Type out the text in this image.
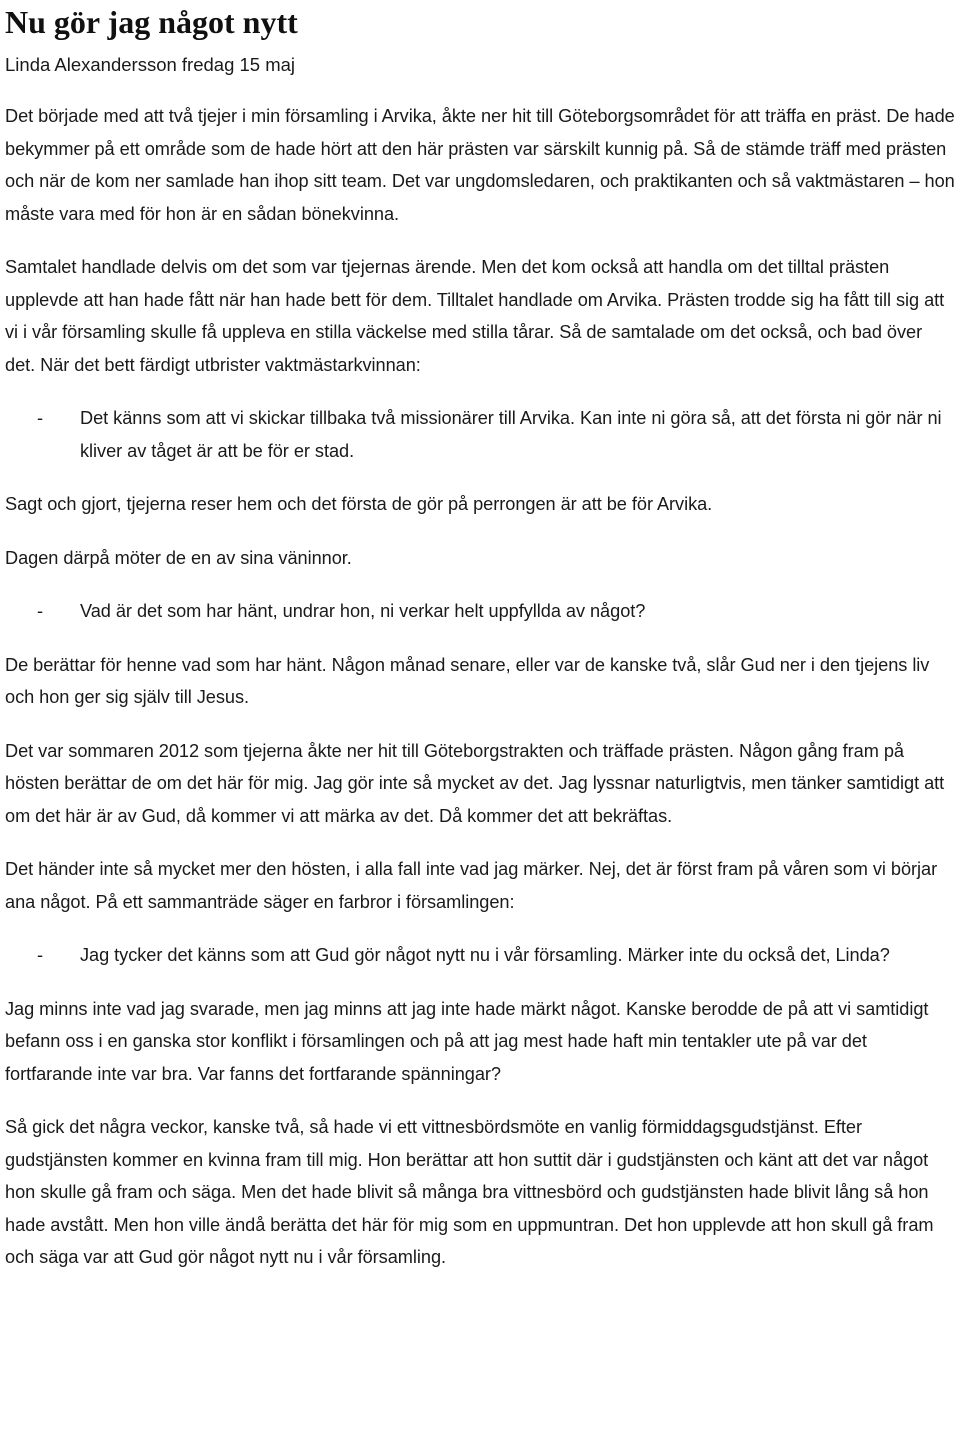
Nu gör jag något nytt

Linda Alexandersson fredag 15 maj

Det började med att två tjejer i min församling i Arvika, åkte ner hit till Göteborgsområdet för att träffa en präst. De hade bekymmer på ett område som de hade hört att den här prästen var särskilt kunnig på. Så de stämde träff med prästen och när de kom ner samlade han ihop sitt team. Det var ungdomsledaren, och praktikanten och så vaktmästaren – hon måste vara med för hon är en sådan bönekvinna.

Samtalet handlade delvis om det som var tjejernas ärende. Men det kom också att handla om det tilltal prästen upplevde att han hade fått när han hade bett för dem. Tilltalet handlade om Arvika. Prästen trodde sig ha fått till sig att vi i vår församling skulle få uppleva en stilla väckelse med stilla tårar. Så de samtalade om det också, och bad över det. När det bett färdigt utbrister vaktmästarkvinnan:

-	Det känns som att vi skickar tillbaka två missionärer till Arvika. Kan inte ni göra så, att det första ni gör när ni kliver av tåget är att be för er stad.

Sagt och gjort, tjejerna reser hem och det första de gör på perrongen är att be för Arvika.

Dagen därpå möter de en av sina väninnor.

-	Vad är det som har hänt, undrar hon, ni verkar helt uppfyllda av något?

De berättar för henne vad som har hänt. Någon månad senare, eller var de kanske två, slår Gud ner i den tjejens liv och hon ger sig själv till Jesus.

Det var sommaren 2012 som tjejerna åkte ner hit till Göteborgstrakten och träffade prästen. Någon gång fram på hösten berättar de om det här för mig. Jag gör inte så mycket av det. Jag lyssnar naturligtvis, men tänker samtidigt att om det här är av Gud, då kommer vi att märka av det. Då kommer det att bekräftas.

Det händer inte så mycket mer den hösten, i alla fall inte vad jag märker. Nej, det är först fram på våren som vi börjar ana något. På ett sammanträde säger en farbror i församlingen:

-	Jag tycker det känns som att Gud gör något nytt nu i vår församling. Märker inte du också det, Linda?

Jag minns inte vad jag svarade, men jag minns att jag inte hade märkt något. Kanske berodde de på att vi samtidigt befann oss i en ganska stor konflikt i församlingen och på att jag mest hade haft min tentakler ute på var det fortfarande inte var bra. Var fanns det fortfarande spänningar?

Så gick det några veckor, kanske två, så hade vi ett vittnesbördsmöte en vanlig förmiddagsgudstjänst. Efter gudstjänsten kommer en kvinna fram till mig. Hon berättar att hon suttit där i gudstjänsten och känt att det var något hon skulle gå fram och säga. Men det hade blivit så många bra vittnesbörd och gudstjänsten hade blivit lång så hon hade avstått. Men hon ville ändå berätta det här för mig som en uppmuntran. Det hon upplevde att hon skull gå fram och säga var att Gud gör något nytt nu i vår församling.
